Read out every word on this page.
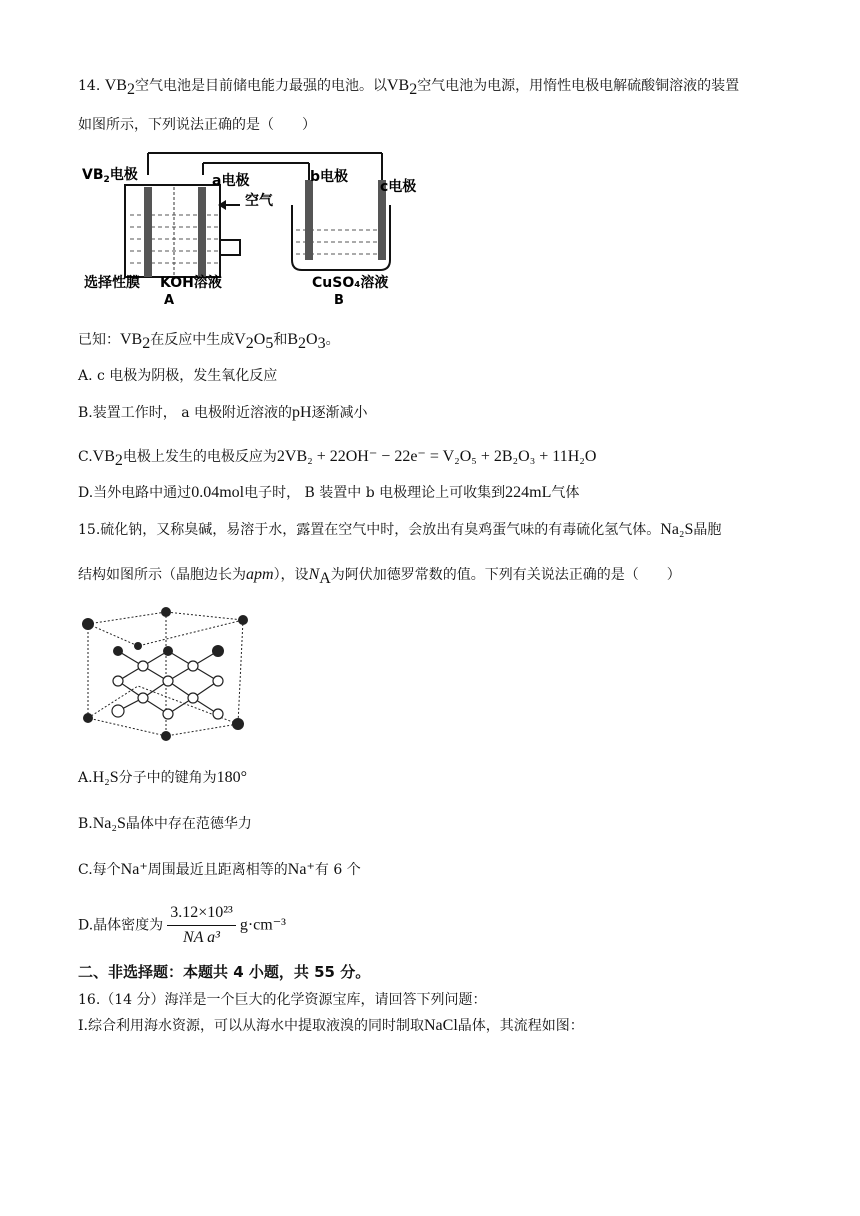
14. $VB_2$空气电池是目前储电能力最强的电池。以$VB_2$空气电池为电源，用惰性电极电解硫酸铜溶液的装置
如图所示，下列说法正确的是（　　）
$VB_2$电极	a电极
空气
b电极
c电极
选择性膜 KOH溶液
A
CuSO₄溶液
B
已知：$VB_2$在反应中生成$V_2O_5$和$B_2O_3$。
A. c 电极为阴极，发生氧化反应
B.装置工作时， a 电极附近溶液的pH逐渐减小
$C.VB_2$电极上发生的电极反应为2VB₂ + 22OH⁻ − 22e⁻ = V₂O₅ + 2B₂O₃ + 11H₂O
D.当外电路中通过0.04mol电子时， B 装置中 b 电极理论上可收集到224mL气体
15.硫化钠，又称臭碱，易溶于水，露置在空气中时，会放出有臭鸡蛋气味的有毒硫化氢气体。Na₂S晶胞
结构如图所示（晶胞边长为apm），设$N_A$为阿伏加德罗常数的值。下列有关说法正确的是（　　）
A.H₂S分子中的键角为180°
B.Na₂S晶体中存在范德华力
C.每个Na⁺周围最近且距离相等的Na⁺有 6 个
D.晶体密度为 $\frac{\text{3.12×10²³}}{\text{NA a³}} g\cdot cm^{-3}$
二、非选择题：本题共 4 小题，共 55 分。
16.（14 分）海洋是一个巨大的化学资源宝库，请回答下列问题：
Ⅰ.综合利用海水资源，可以从海水中提取液溴的同时制取NaCl晶体，其流程如图：
